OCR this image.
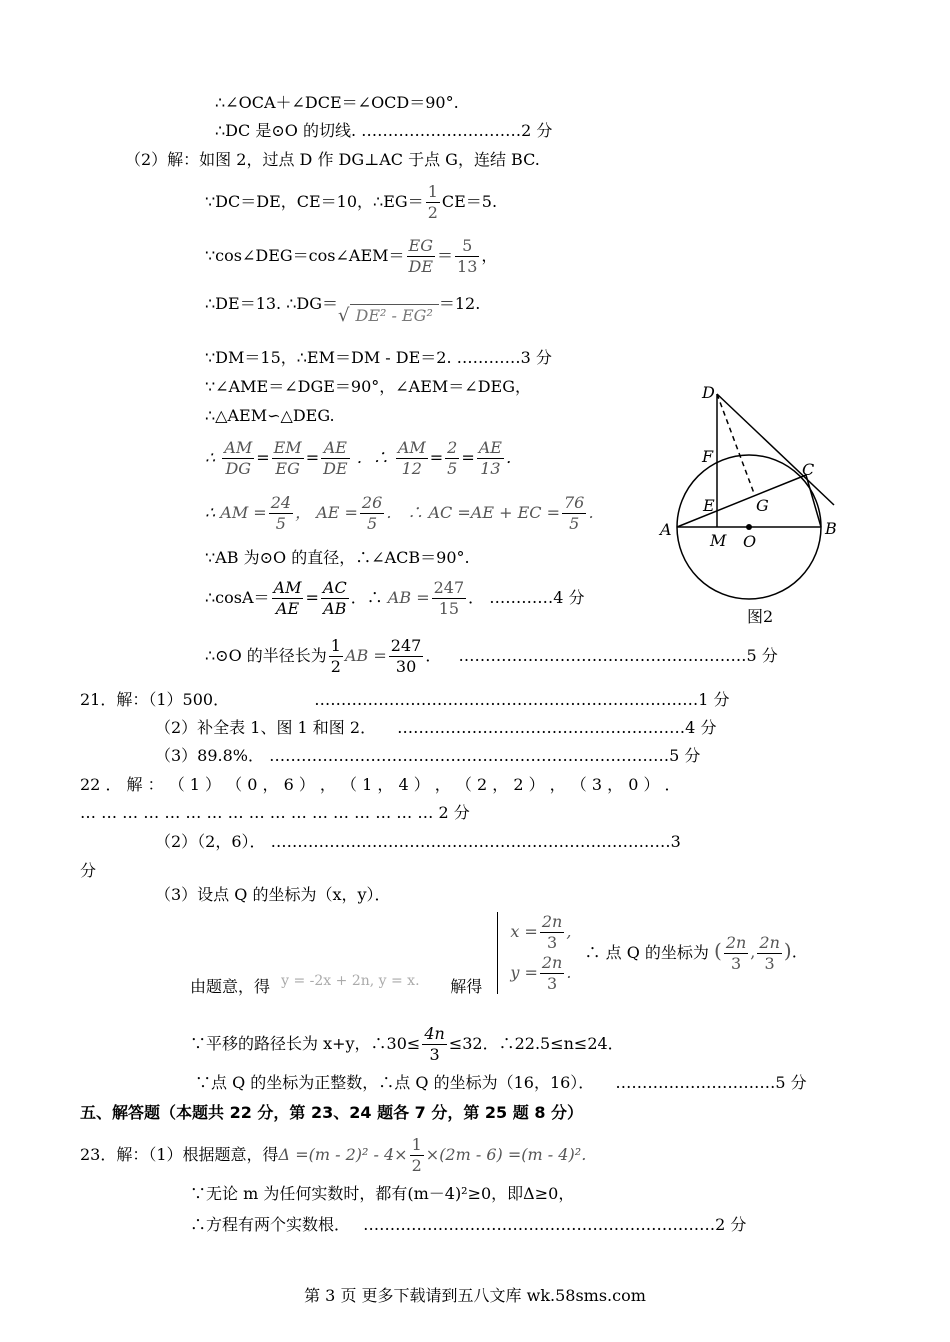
∴∠OCA＋∠DCE＝∠OCD＝90°.
∴DC 是⊙O 的切线. …………………………2 分
（2）解：如图 2，过点 D 作 DG⊥AC 于点 G，连结 BC.
∵DC＝DE，CE＝10，∴EG＝ $\frac{1}{2} CE=5$.
∵cos∠DEG＝cos∠AEM＝ $\frac{EG}{DE} = \frac{5}{13}$ ，
∴DE＝13. ∴DG＝√ DE² - EG²＝12.
∵DM＝15，∴EM＝DM - DE＝2. …………3 分
∵∠AME＝∠DGE＝90°，∠AEM＝∠DEG，
∴△AEM∽△DEG.
∴ $\frac{AM}{DG} = \frac{EM}{EG} = \frac{AE}{DE}$ ．∴ $\frac{AM}{12} = \frac{2}{5} = \frac{AE}{13}$ ．
∴ AM = $\frac{24}{5}$ ， AE = $\frac{26}{5}$ ． ∴ AC =AE + EC = $\frac{76}{5}$ ．
∵AB 为⊙O 的直径，∴∠ACB＝90°.
∴cosA＝ $\frac{AM}{AE} = \frac{AC}{AB}$ ．∴ AB = $\frac{247}{15}$ ． …………4 分
∴⊙O 的半径长为 $\frac{1}{2}$ AB = $\frac{247}{30}$ ． ………………………………………………5 分
D
F
C
E	G
A
M O
B
图2
21．解：（1）500．	………………………………………………………………1 分
（2）补全表 1、图 1 和图 2． ………………………………………………4 分
（3）89.8%． …………………………………………………………………5 分
22 ． 解 ： （ 1 ） （ 0 ， 6 ） ， （ 1 ， 4 ） ， （ 2 ， 2 ） ， （ 3 ， 0 ） ．
… … … … … … … … … … … … … … … … … 2 分
（2）（2，6）． …………………………………………………………………3
分
（3）设点 Q 的坐标为（x，y）．
由题意，得 y = -2x + 2n, y = x. 解得
$x = \frac{2n}{3}$ ,
$y = \frac{2n}{3}$ .
∴ 点 Q 的坐标为 ( $\frac{2n}{3}$ , $\frac{2n}{3}$ ).
∵平移的路径长为 x+y，∴30≤ $\frac{4n}{3} \le 32$．∴22.5≤n≤24．
∵点 Q 的坐标为正整数，∴点 Q 的坐标为（16，16）． …………………………5 分
五、解答题（本题共 22 分，第 23、24 题各 7 分，第 25 题 8 分）
23．解：（1）根据题意，得$\Delta =(m - 2)^2 - 4\times \frac{1}{2} \times(2m - 6) =(m - 4)^2$．
∵无论 m 为任何实数时，都有(m－4)²≥0，即Δ≥0，
∴方程有两个实数根． …………………………………………………………2 分
第 3 页 更多下载请到五八文库 wk.58sms.com
